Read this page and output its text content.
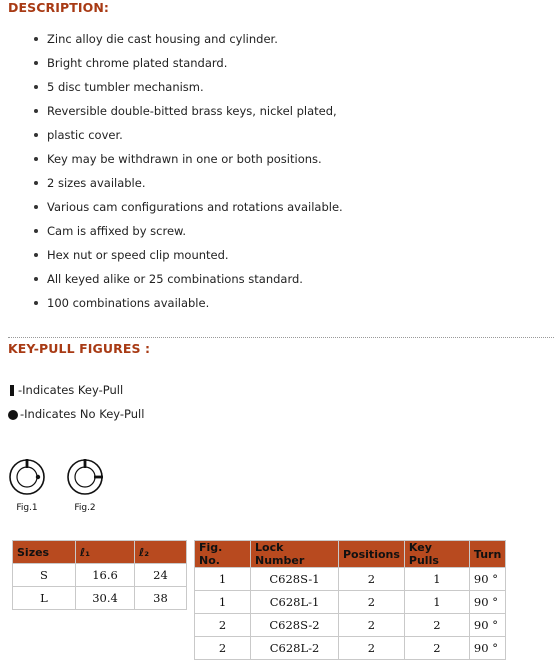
DESCRIPTION:
Zinc alloy die cast housing and cylinder.
Bright chrome plated standard.
5 disc tumbler mechanism.
Reversible double-bitted brass keys, nickel plated,
plastic cover.
Key may be withdrawn in one or both positions.
2 sizes available.
Various cam configurations and rotations available.
Cam is affixed by screw.
Hex nut or speed clip mounted.
All keyed alike or 25 combinations standard.
100 combinations available.
KEY-PULL FIGURES :
-Indicates Key-Pull
-Indicates No Key-Pull
Fig.1	Fig.2
Sizes	ℓ₁	ℓ₂
S	16.6	24
L	30.4	38
Fig. No.	Lock Number	Positions	Key Pulls	Turn
1	C628S-1	2	1	90 °
1	C628L-1	2	1	90 °
2	C628S-2	2	2	90 °
2	C628L-2	2	2	90 °
